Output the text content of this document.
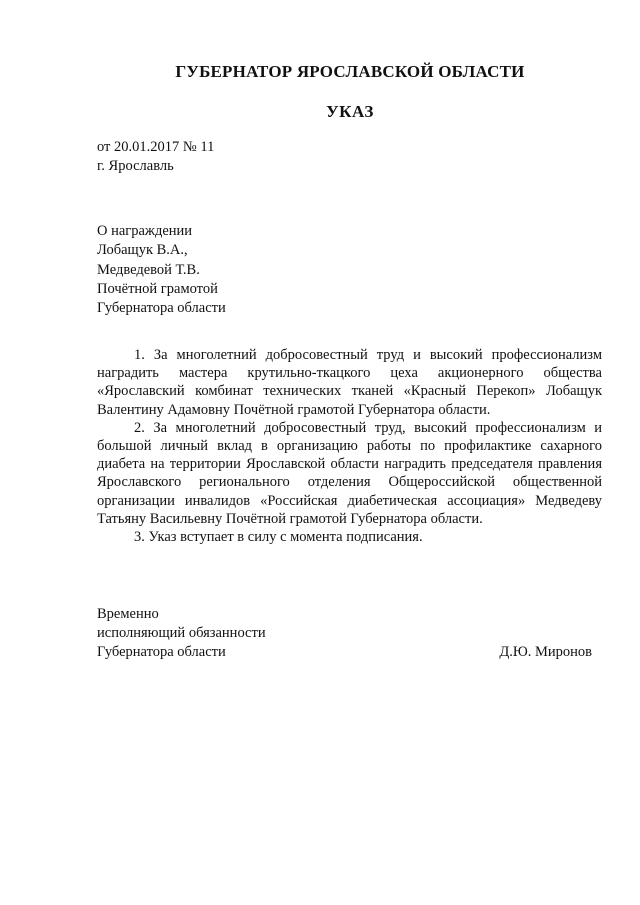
ГУБЕРНАТОР ЯРОСЛАВСКОЙ ОБЛАСТИ
УКАЗ
от 20.01.2017 № 11
г. Ярославль
О награждении
Лобащук В.А.,
Медведевой Т.В.
Почётной грамотой
Губернатора области

1. За многолетний добросовестный труд и высокий профессионализм наградить мастера крутильно-ткацкого цеха акционерного общества «Ярославский комбинат технических тканей «Красный Перекоп» Лобащук Валентину Адамовну Почётной грамотой Губернатора области.

2. За многолетний добросовестный труд, высокий профессионализм и большой личный вклад в организацию работы по профилактике сахарного диабета на территории Ярославской области наградить председателя правления Ярославского регионального отделения Общероссийской общественной организации инвалидов «Российская диабетическая ассоциация» Медведеву Татьяну Васильевну Почётной грамотой Губернатора области.

3. Указ вступает в силу с момента подписания.

Временно
исполняющий обязанности
Губернатора области	Д.Ю. Миронов
